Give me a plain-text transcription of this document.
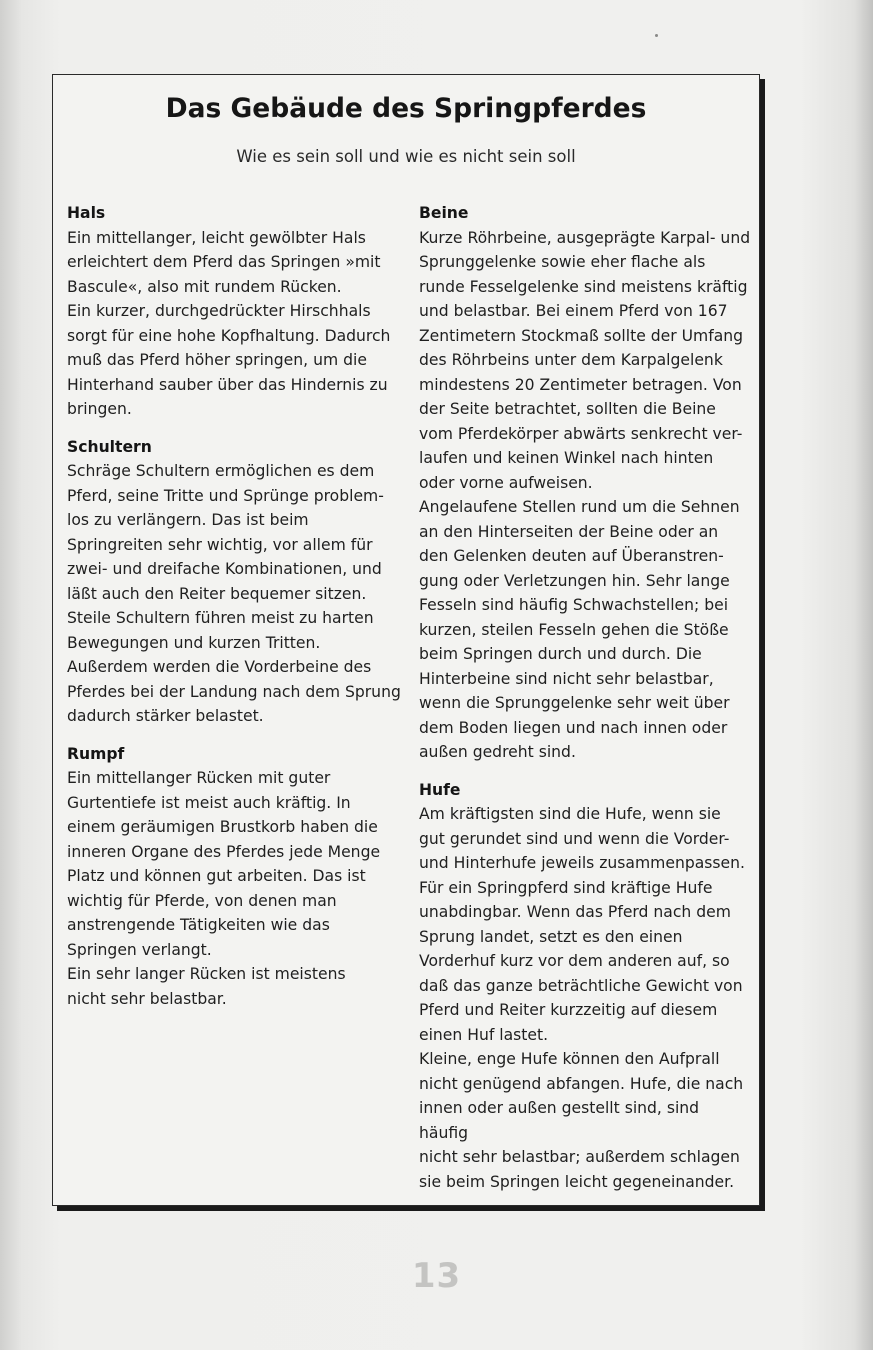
Das Gebäude des Springpferdes
Wie es sein soll und wie es nicht sein soll
Hals

Ein mittellanger, leicht gewölbter Hals
erleichtert dem Pferd das Springen »mit
Bascule«, also mit rundem Rücken.
Ein kurzer, durchgedrückter Hirschhals
sorgt für eine hohe Kopfhaltung. Dadurch
muß das Pferd höher springen, um die
Hinterhand sauber über das Hindernis zu
bringen.

Schultern

Schräge Schultern ermöglichen es dem
Pferd, seine Tritte und Sprünge problem-
los zu verlängern. Das ist beim
Springreiten sehr wichtig, vor allem für
zwei- und dreifache Kombinationen, und
läßt auch den Reiter bequemer sitzen.
Steile Schultern führen meist zu harten
Bewegungen und kurzen Tritten.
Außerdem werden die Vorderbeine des
Pferdes bei der Landung nach dem Sprung
dadurch stärker belastet.

Rumpf

Ein mittellanger Rücken mit guter
Gurtentiefe ist meist auch kräftig. In
einem geräumigen Brustkorb haben die
inneren Organe des Pferdes jede Menge
Platz und können gut arbeiten. Das ist
wichtig für Pferde, von denen man
anstrengende Tätigkeiten wie das
Springen verlangt.
Ein sehr langer Rücken ist meistens
nicht sehr belastbar.

Beine

Kurze Röhrbeine, ausgeprägte Karpal- und
Sprunggelenke sowie eher flache als
runde Fesselgelenke sind meistens kräftig
und belastbar. Bei einem Pferd von 167
Zentimetern Stockmaß sollte der Umfang
des Röhrbeins unter dem Karpalgelenk
mindestens 20 Zentimeter betragen. Von
der Seite betrachtet, sollten die Beine
vom Pferdekörper abwärts senkrecht ver-
laufen und keinen Winkel nach hinten
oder vorne aufweisen.
Angelaufene Stellen rund um die Sehnen
an den Hinterseiten der Beine oder an
den Gelenken deuten auf Überanstren-
gung oder Verletzungen hin. Sehr lange
Fesseln sind häufig Schwachstellen; bei
kurzen, steilen Fesseln gehen die Stöße
beim Springen durch und durch. Die
Hinterbeine sind nicht sehr belastbar,
wenn die Sprunggelenke sehr weit über
dem Boden liegen und nach innen oder
außen gedreht sind.

Hufe

Am kräftigsten sind die Hufe, wenn sie
gut gerundet sind und wenn die Vorder-
und Hinterhufe jeweils zusammenpassen.
Für ein Springpferd sind kräftige Hufe
unabdingbar. Wenn das Pferd nach dem
Sprung landet, setzt es den einen
Vorderhuf kurz vor dem anderen auf, so
daß das ganze beträchtliche Gewicht von
Pferd und Reiter kurzzeitig auf diesem
einen Huf lastet.
Kleine, enge Hufe können den Aufprall
nicht genügend abfangen. Hufe, die nach
innen oder außen gestellt sind, sind häufig
nicht sehr belastbar; außerdem schlagen
sie beim Springen leicht gegeneinander.

13
